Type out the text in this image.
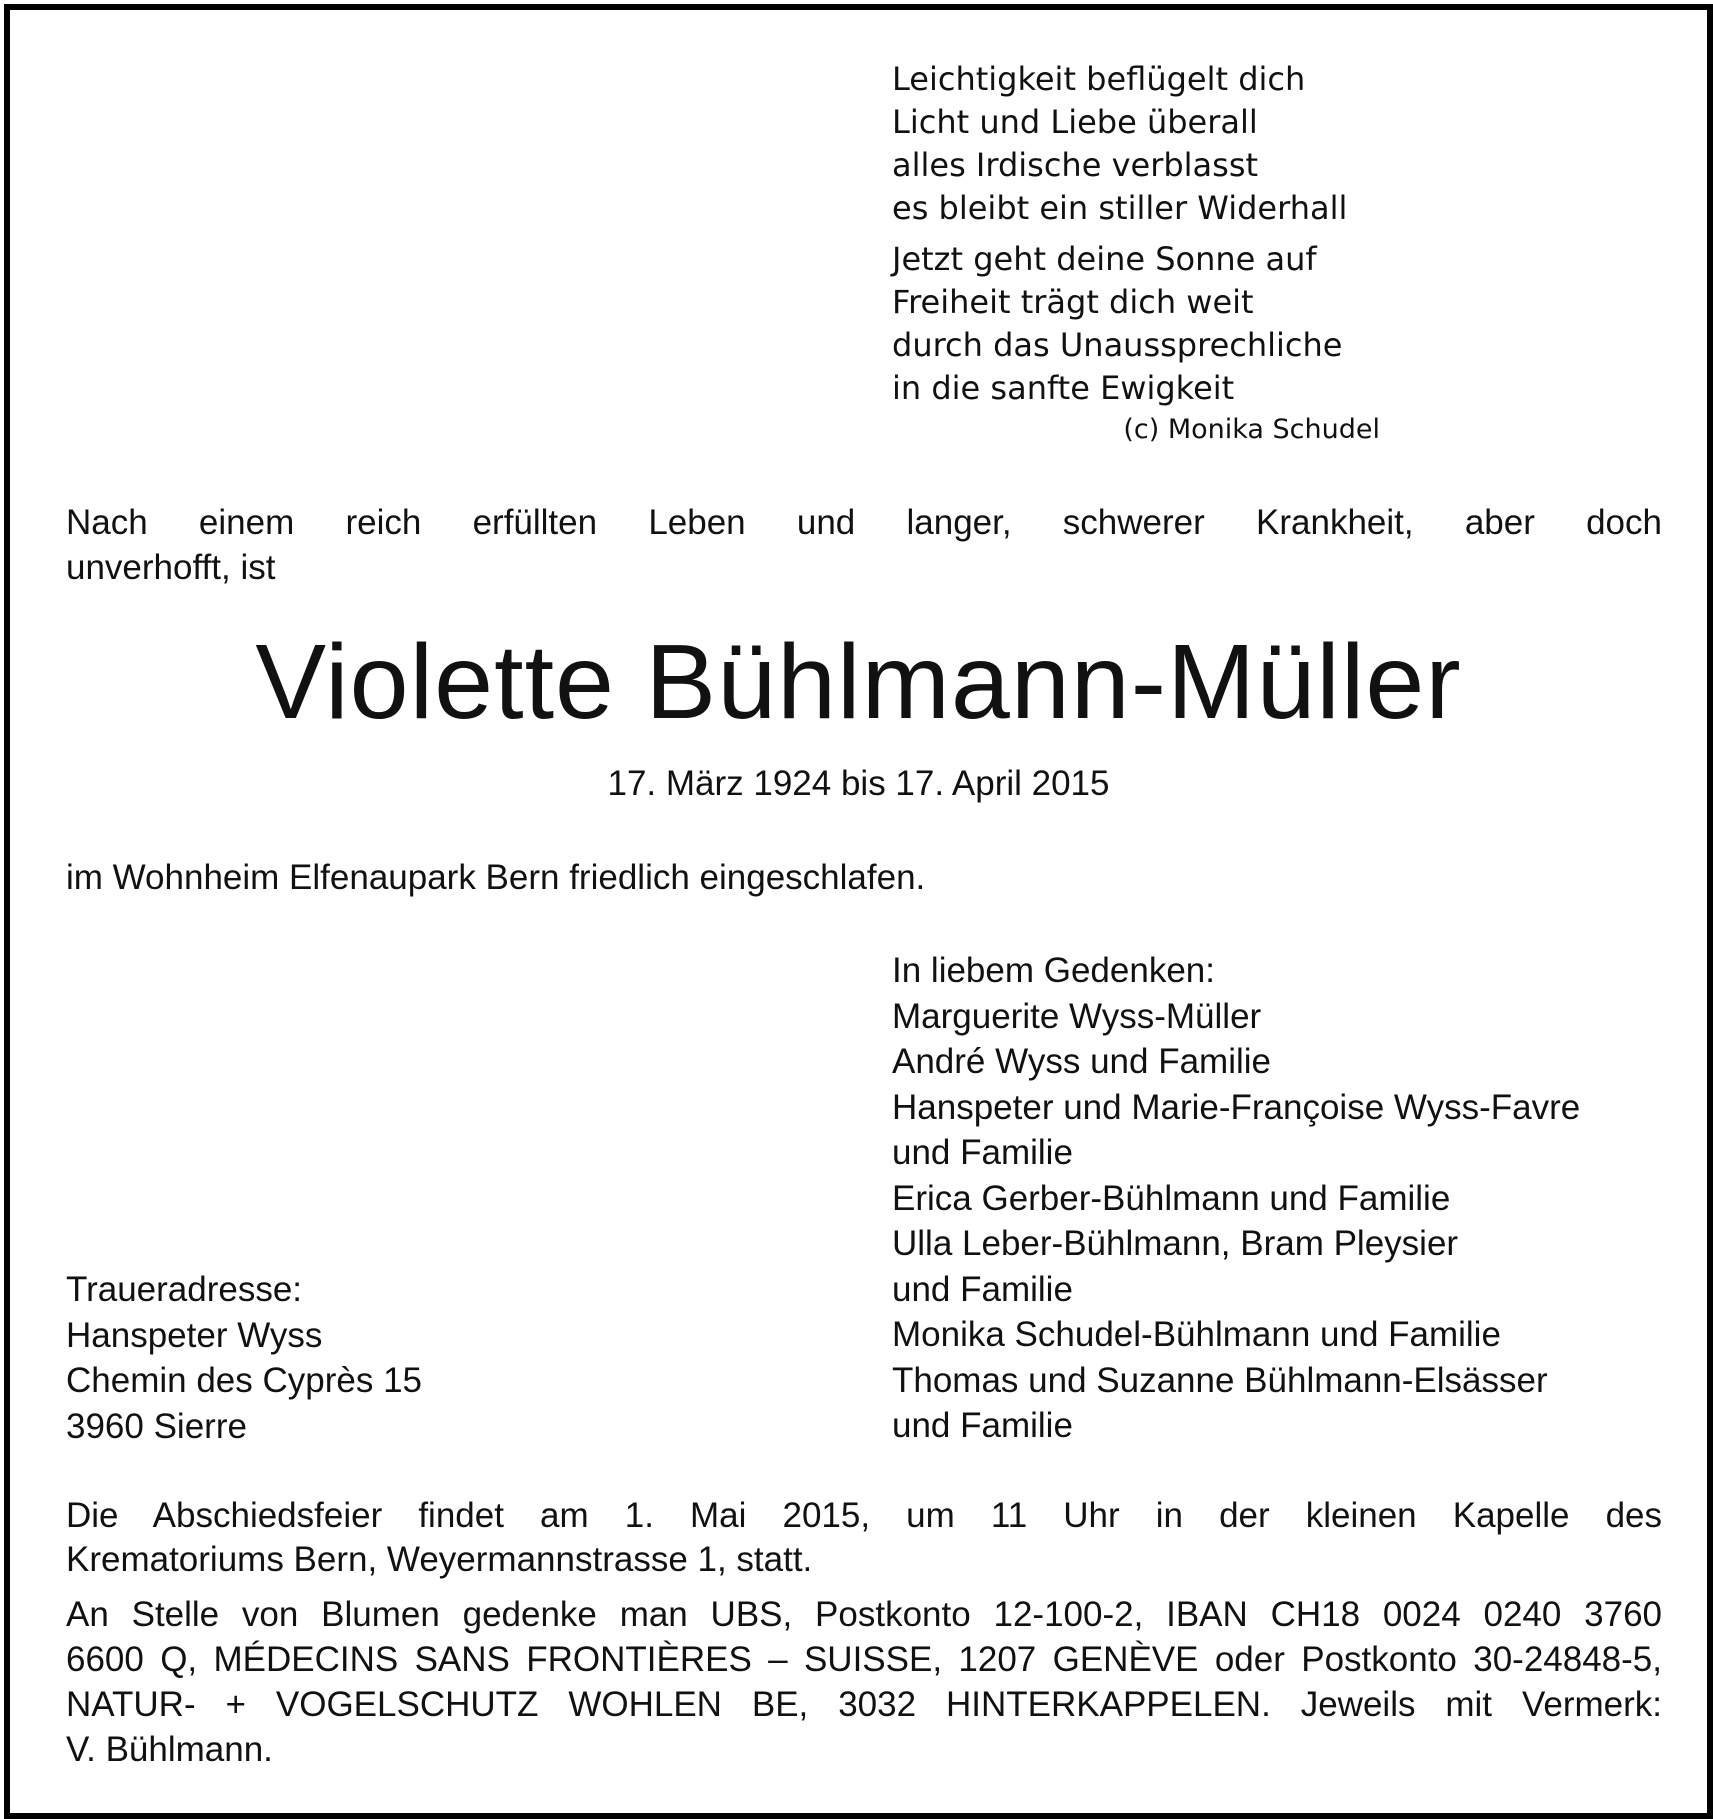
Leichtigkeit beflügelt dich
Licht und Liebe überall
alles Irdische verblasst
es bleibt ein stiller Widerhall
Jetzt geht deine Sonne auf
Freiheit trägt dich weit
durch das Unaussprechliche
in die sanfte Ewigkeit
(c) Monika Schudel
Nach einem reich erfüllten Leben und langer, schwerer Krankheit, aber doch
unverhofft, ist
Violette Bühlmann-Müller
17. März 1924 bis 17. April 2015
im Wohnheim Elfenaupark Bern friedlich eingeschlafen.
In liebem Gedenken:
Marguerite Wyss-Müller
André Wyss und Familie
Hanspeter und Marie-Françoise Wyss-Favre
und Familie
Erica Gerber-Bühlmann und Familie
Ulla Leber-Bühlmann, Bram Pleysier
und Familie
Monika Schudel-Bühlmann und Familie
Thomas und Suzanne Bühlmann-Elsässer
und Familie
Traueradresse:
Hanspeter Wyss
Chemin des Cyprès 15
3960 Sierre
Die Abschiedsfeier findet am 1. Mai 2015, um 11 Uhr in der kleinen Kapelle des
Krematoriums Bern, Weyermannstrasse 1, statt.
An Stelle von Blumen gedenke man UBS, Postkonto 12-100-2, IBAN CH18 0024 0240 3760
6600 Q, MÉDECINS SANS FRONTIÈRES – SUISSE, 1207 GENÈVE oder Postkonto 30-24848-5,
NATUR- + VOGELSCHUTZ WOHLEN BE, 3032 HINTERKAPPELEN. Jeweils mit Vermerk:
V. Bühlmann.
